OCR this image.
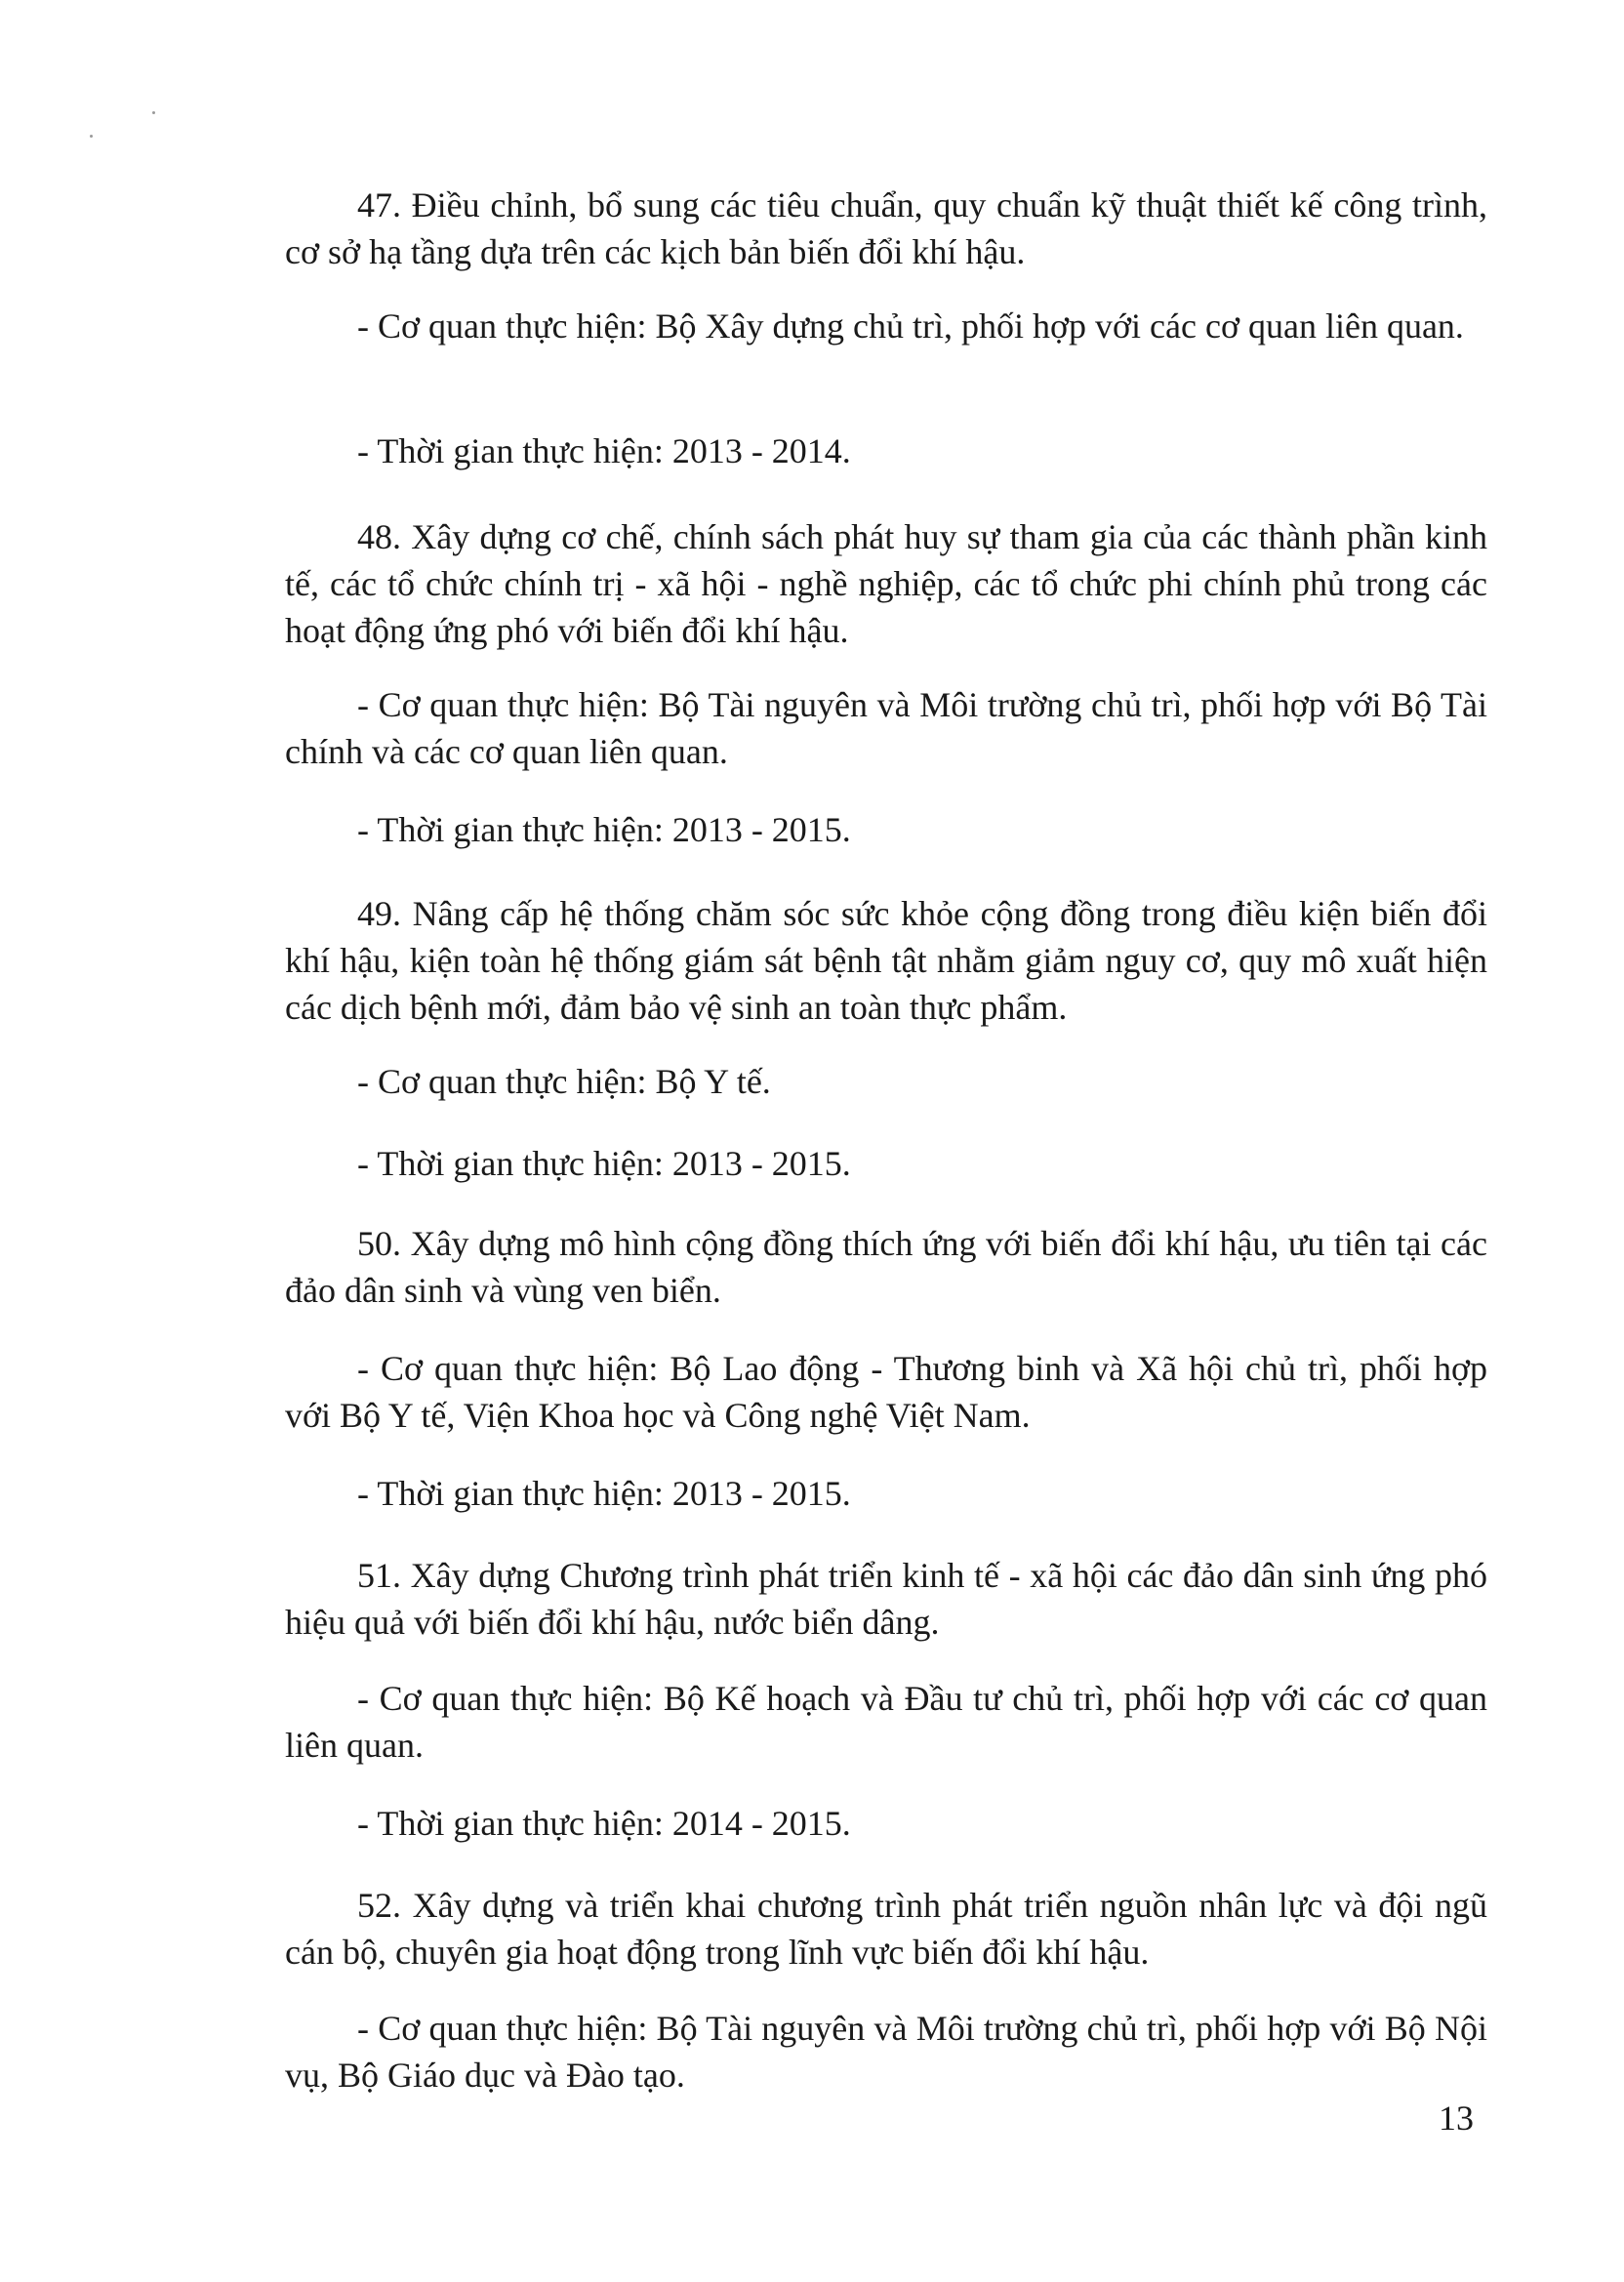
47. Điều chỉnh, bổ sung các tiêu chuẩn, quy chuẩn kỹ thuật thiết kế công trình, cơ sở hạ tầng dựa trên các kịch bản biến đổi khí hậu.

- Cơ quan thực hiện: Bộ Xây dựng chủ trì, phối hợp với các cơ quan liên quan.

- Thời gian thực hiện: 2013 - 2014.

48. Xây dựng cơ chế, chính sách phát huy sự tham gia của các thành phần kinh tế, các tổ chức chính trị - xã hội - nghề nghiệp, các tổ chức phi chính phủ trong các hoạt động ứng phó với biến đổi khí hậu.

- Cơ quan thực hiện: Bộ Tài nguyên và Môi trường chủ trì, phối hợp với Bộ Tài chính và các cơ quan liên quan.

- Thời gian thực hiện: 2013 - 2015.

49. Nâng cấp hệ thống chăm sóc sức khỏe cộng đồng trong điều kiện biến đổi khí hậu, kiện toàn hệ thống giám sát bệnh tật nhằm giảm nguy cơ, quy mô xuất hiện các dịch bệnh mới, đảm bảo vệ sinh an toàn thực phẩm.

- Cơ quan thực hiện: Bộ Y tế.

- Thời gian thực hiện: 2013 - 2015.

50. Xây dựng mô hình cộng đồng thích ứng với biến đổi khí hậu, ưu tiên tại các đảo dân sinh và vùng ven biển.

- Cơ quan thực hiện: Bộ Lao động - Thương binh và Xã hội chủ trì, phối hợp với Bộ Y tế, Viện Khoa học và Công nghệ Việt Nam.

- Thời gian thực hiện: 2013 - 2015.

51. Xây dựng Chương trình phát triển kinh tế - xã hội các đảo dân sinh ứng phó hiệu quả với biến đổi khí hậu, nước biển dâng.

- Cơ quan thực hiện: Bộ Kế hoạch và Đầu tư chủ trì, phối hợp với các cơ quan liên quan.

- Thời gian thực hiện: 2014 - 2015.

52. Xây dựng và triển khai chương trình phát triển nguồn nhân lực và đội ngũ cán bộ, chuyên gia hoạt động trong lĩnh vực biến đổi khí hậu.

- Cơ quan thực hiện: Bộ Tài nguyên và Môi trường chủ trì, phối hợp với Bộ Nội vụ, Bộ Giáo dục và Đào tạo.

13
